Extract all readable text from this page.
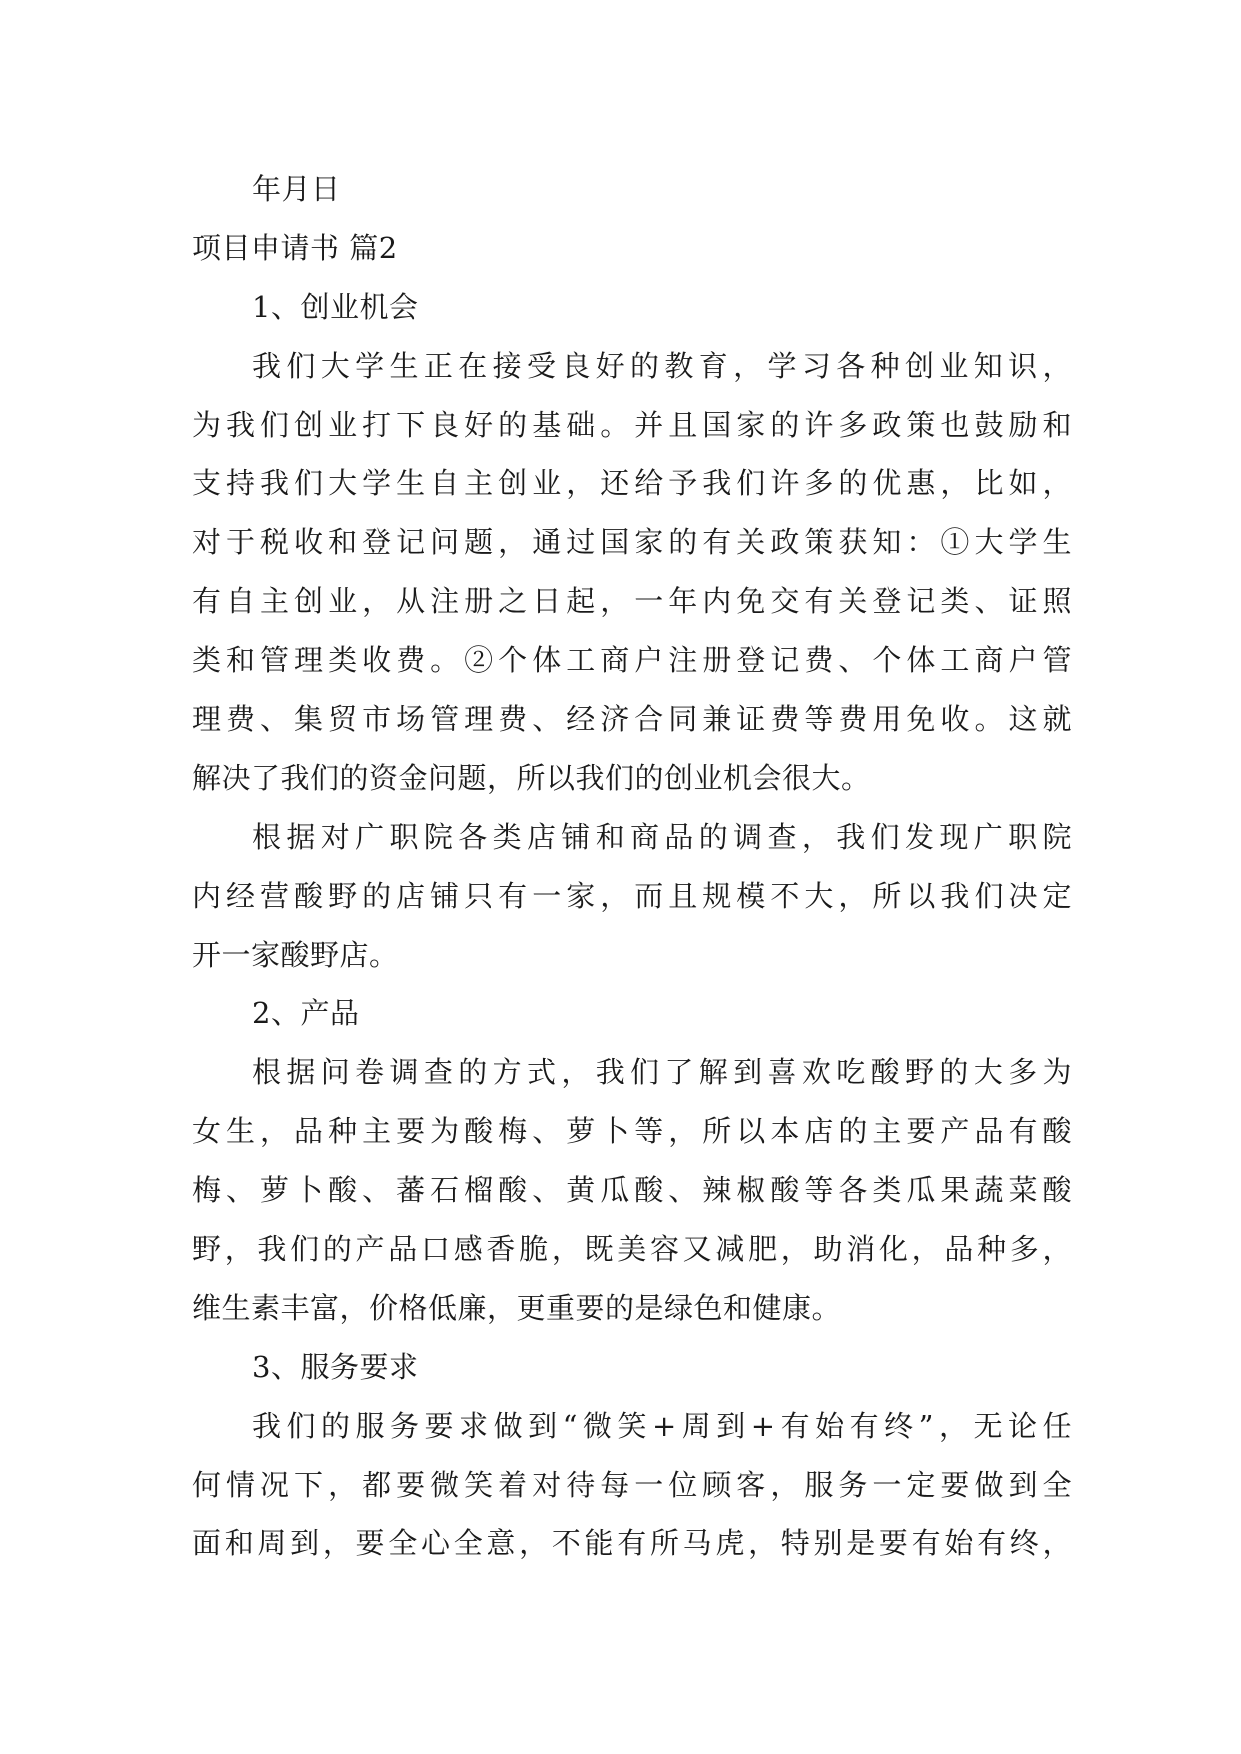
年月日
项目申请书 篇2
1、创业机会
我们大学生正在接受良好的教育，学习各种创业知识，
为我们创业打下良好的基础。并且国家的许多政策也鼓励和
支持我们大学生自主创业，还给予我们许多的优惠，比如，
对于税收和登记问题，通过国家的有关政策获知：①大学生
有自主创业，从注册之日起，一年内免交有关登记类、证照
类和管理类收费。②个体工商户注册登记费、个体工商户管
理费、集贸市场管理费、经济合同兼证费等费用免收。这就
解决了我们的资金问题，所以我们的创业机会很大。
根据对广职院各类店铺和商品的调查，我们发现广职院
内经营酸野的店铺只有一家，而且规模不大，所以我们决定
开一家酸野店。
2、产品
根据问卷调查的方式，我们了解到喜欢吃酸野的大多为
女生，品种主要为酸梅、萝卜等，所以本店的主要产品有酸
梅、萝卜酸、蕃石榴酸、黄瓜酸、辣椒酸等各类瓜果蔬菜酸
野，我们的产品口感香脆，既美容又减肥，助消化，品种多，
维生素丰富，价格低廉，更重要的是绿色和健康。
3、服务要求
我们的服务要求做到“微笑+周到+有始有终”，无论任
何情况下，都要微笑着对待每一位顾客，服务一定要做到全
面和周到，要全心全意，不能有所马虎，特别是要有始有终，
